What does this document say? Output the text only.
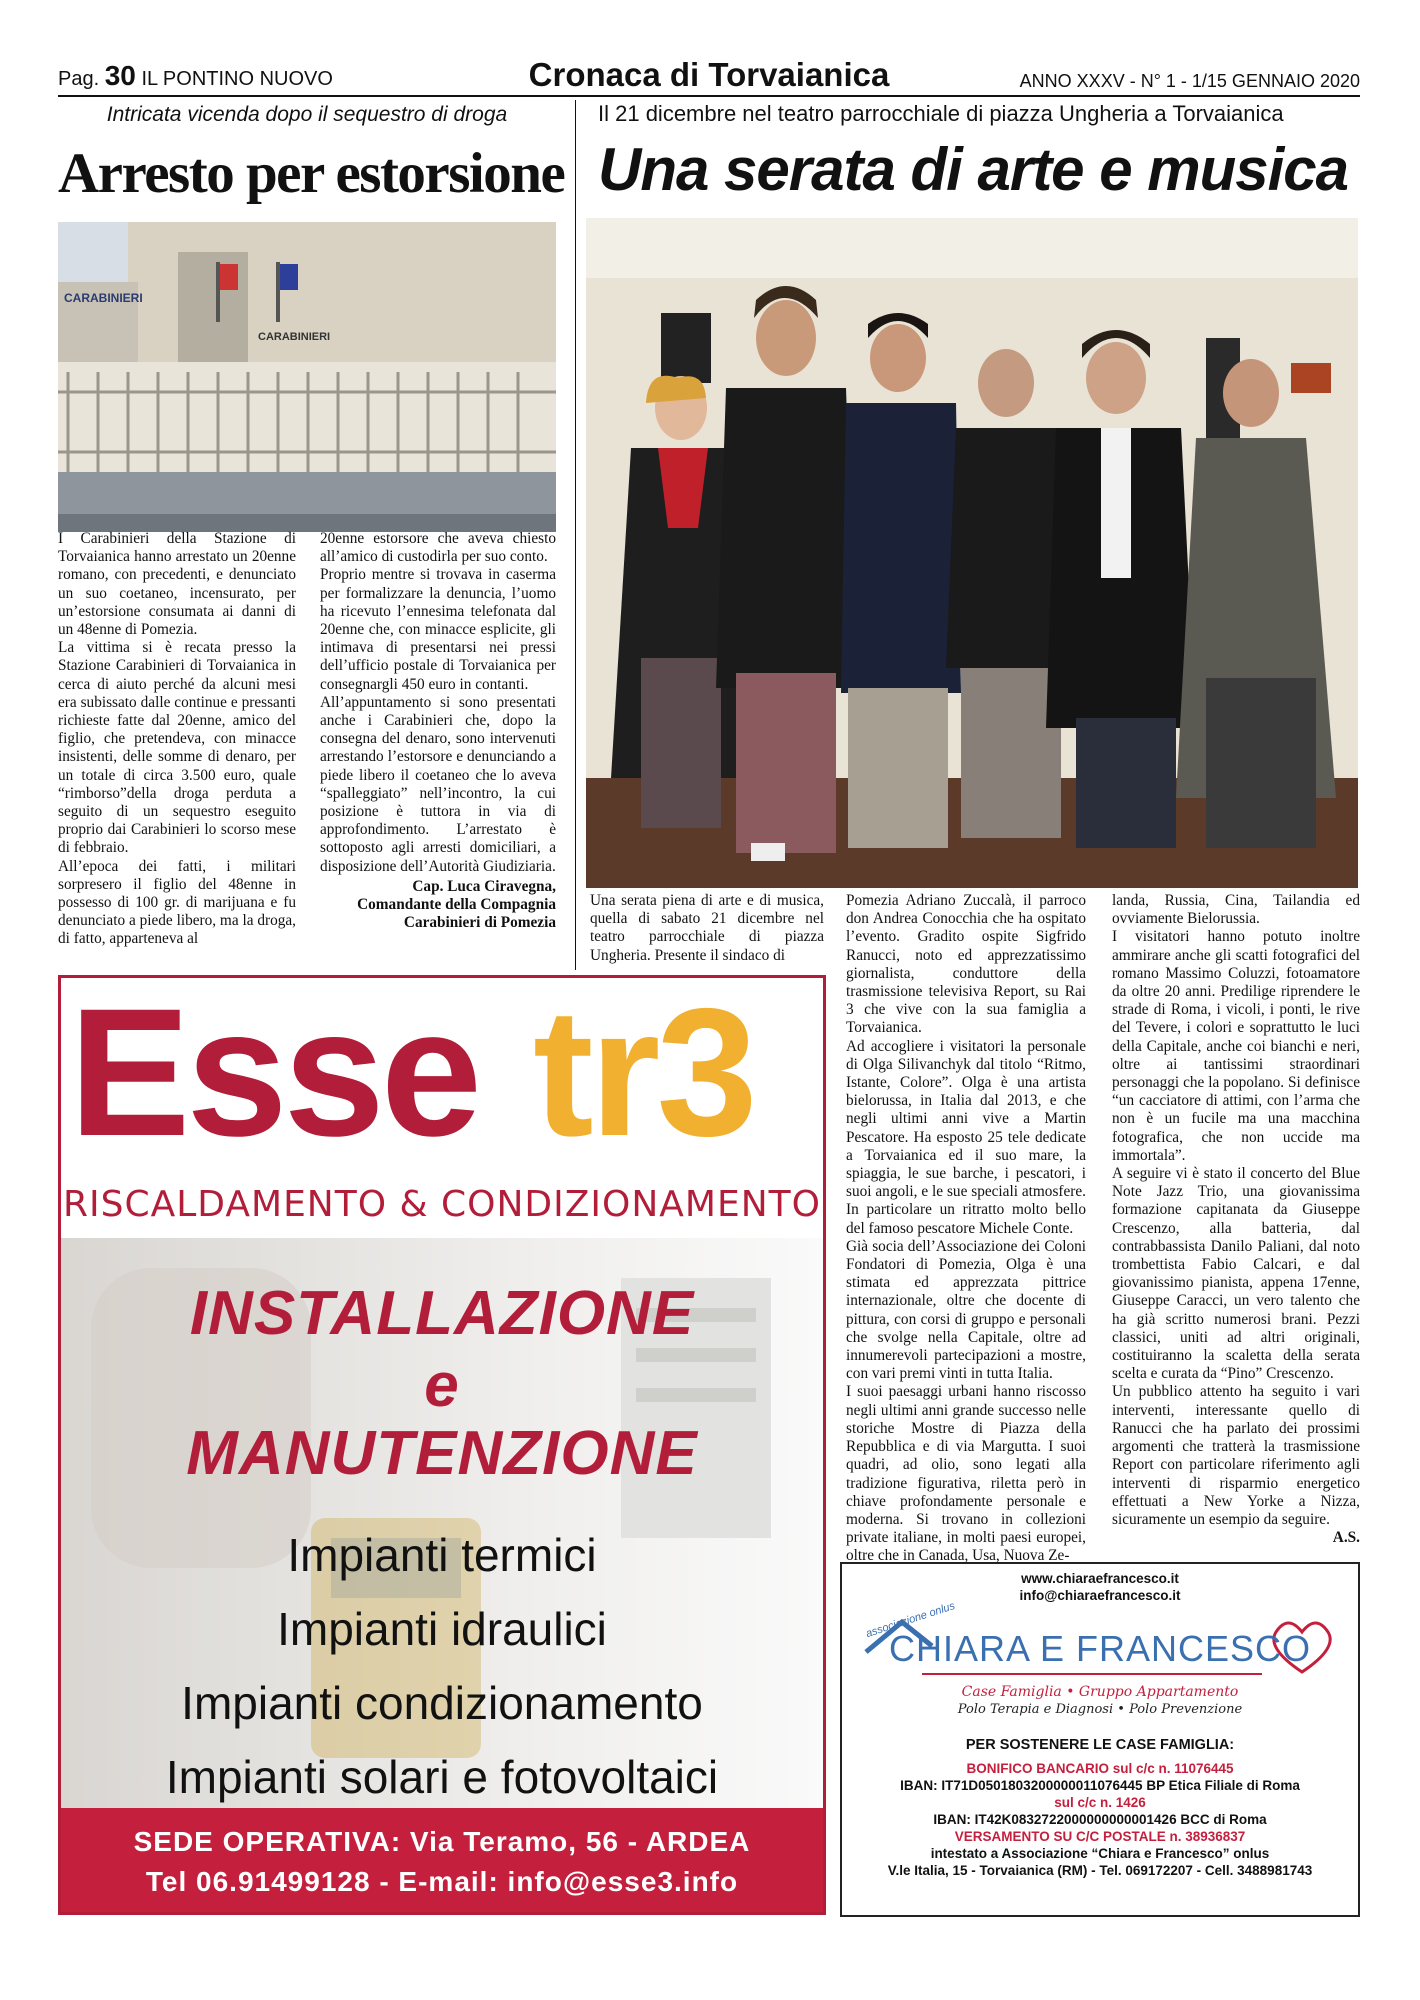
Pag. 30 IL PONTINO NUOVO	Cronaca di Torvaianica	ANNO XXXV - N° 1 - 1/15 GENNAIO 2020
Intricata vicenda dopo il sequestro di droga
Arresto per estorsione
CARABINIERI
CARABINIERI

I Carabinieri della Stazione di Torvaianica hanno arrestato un 20enne romano, con precedenti, e denunciato un suo coetaneo, incensurato, per un’estorsione consumata ai danni di un 48enne di Pomezia.

La vittima si è recata presso la Stazione Carabinieri di Torvaianica in cerca di aiuto perché da alcuni mesi era subissato dalle continue e pressanti richieste fatte dal 20enne, amico del figlio, che pretendeva, con minacce insistenti, delle somme di denaro, per un totale di circa 3.500 euro, quale “rimborso”della droga perduta a seguito di un sequestro eseguito proprio dai Carabinieri lo scorso mese di febbraio.

All’epoca dei fatti, i militari sorpresero il figlio del 48enne in possesso di 100 gr. di marijuana e fu denunciato a piede libero, ma la droga, di fatto, apparteneva al

20enne estorsore che aveva chiesto all’amico di custodirla per suo conto.

Proprio mentre si trovava in caserma per formalizzare la denuncia, l’uomo ha ricevuto l’ennesima telefonata dal 20enne che, con minacce esplicite, gli intimava di presentarsi nei pressi dell’ufficio postale di Torvaianica per consegnargli 450 euro in contanti.

All’appuntamento si sono presentati anche i Carabinieri che, dopo la consegna del denaro, sono intervenuti arrestando l’estorsore e denunciando a piede libero il coetaneo che lo aveva “spalleggiato” nell’incontro, la cui posizione è tuttora in via di approfondimento. L’arrestato è sottoposto agli arresti domiciliari, a disposizione dell’Autorità Giudiziaria.

Cap. Luca Ciravegna,
Comandante della Compagnia
Carabinieri di Pomezia
Il 21 dicembre nel teatro parrocchiale di piazza Ungheria a Torvaianica
Una serata di arte e musica

Una serata piena di arte e di musica, quella di sabato 21 dicembre nel teatro parrocchiale di piazza Ungheria. Presente il sindaco di

Pomezia Adriano Zuccalà, il parroco don Andrea Conocchia che ha ospitato l’evento. Gradito ospite Sigfrido Ranucci, noto ed apprezzatissimo giornalista, conduttore della trasmissione televisiva Report, su Rai 3 che vive con la sua famiglia a Torvaianica.

Ad accogliere i visitatori la personale di Olga Silivanchyk dal titolo “Ritmo, Istante, Colore”. Olga è una artista bielorussa, in Italia dal 2013, e che negli ultimi anni vive a Martin Pescatore. Ha esposto 25 tele dedicate a Torvaianica ed il suo mare, la spiaggia, le sue barche, i pescatori, i suoi angoli, e le sue speciali atmosfere. In particolare un ritratto molto bello del famoso pescatore Michele Conte.

Già socia dell’Associazione dei Coloni Fondatori di Pomezia, Olga è una stimata ed apprezzata pittrice internazionale, oltre che docente di pittura, con corsi di gruppo e personali che svolge nella Capitale, oltre ad innumerevoli partecipazioni a mostre, con vari premi vinti in tutta Italia.

I suoi paesaggi urbani hanno riscosso negli ultimi anni grande successo nelle storiche Mostre di Piazza della Repubblica e di via Margutta. I suoi quadri, ad olio, sono legati alla tradizione figurativa, riletta però in chiave profondamente personale e moderna. Si trovano in collezioni private italiane, in molti paesi europei, oltre che in Canada, Usa, Nuova Ze-

landa, Russia, Cina, Tailandia ed ovviamente Bielorussia.

I visitatori hanno potuto inoltre ammirare anche gli scatti fotografici del romano Massimo Coluzzi, fotoamatore da oltre 20 anni. Predilige riprendere le strade di Roma, i vicoli, i ponti, le rive del Tevere, i colori e soprattutto le luci della Capitale, anche coi bianchi e neri, oltre ai tantissimi straordinari personaggi che la popolano. Si definisce “un cacciatore di attimi, con l’arma che non è un fucile ma una macchina fotografica, che non uccide ma immortala”.

A seguire vi è stato il concerto del Blue Note Jazz Trio, una giovanissima formazione capitanata da Giuseppe Crescenzo, alla batteria, dal contrabbassista Danilo Paliani, dal noto trombettista Fabio Calcari, e dal giovanissimo pianista, appena 17enne, Giuseppe Caracci, un vero talento che ha già scritto numerosi brani. Pezzi classici, uniti ad altri originali, costituiranno la scaletta della serata scelta e curata da “Pino” Crescenzo.

Un pubblico attento ha seguito i vari interventi, interessante quello di Ranucci che ha parlato dei prossimi argomenti che tratterà la trasmissione Report con particolare riferimento agli interventi di risparmio energetico effettuati a New Yorke a Nizza, sicuramente un esempio da seguire.

A.S.
Esse tr3
RISCALDAMENTO & CONDIZIONAMENTO
INSTALLAZIONE
e
MANUTENZIONE
Impianti termici
Impianti idraulici
Impianti condizionamento
Impianti solari e fotovoltaici
SEDE OPERATIVA: Via Teramo, 56 - ARDEA
Tel 06.91499128 - E-mail: info@esse3.info
www.chiaraefrancesco.it
info@chiaraefrancesco.it
associazione onlus
CHIARA E FRANCESCO
Case Famiglia • Gruppo Appartamento
Polo Terapia e Diagnosi • Polo Prevenzione
PER SOSTENERE LE CASE FAMIGLIA:
BONIFICO BANCARIO sul c/c n. 11076445
IBAN: IT71D0501803200000011076445 BP Etica Filiale di Roma
sul c/c n. 1426
IBAN: IT42K0832722000000000001426 BCC di Roma
VERSAMENTO SU C/C POSTALE n. 38936837
intestato a Associazione “Chiara e Francesco” onlus
V.le Italia, 15 - Torvaianica (RM) - Tel. 069172207 - Cell. 3488981743
